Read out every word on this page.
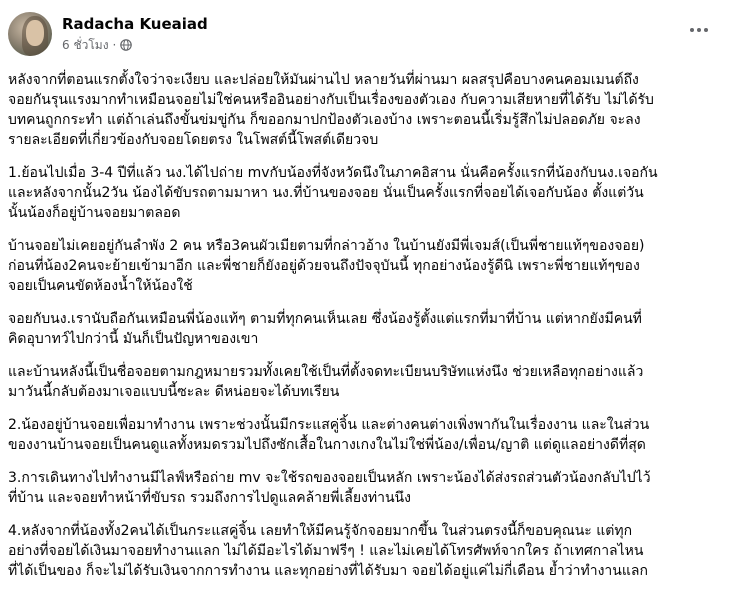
Radacha Kueaiad
6 ชั่วโมง ·

หลังจากที่ตอนแรกตั้งใจว่าจะเงียบ และปล่อยให้มันผ่านไป หลายวันที่ผ่านมา ผลสรุปคือบางคนคอมเมนต์ถึง
จอยกันรุนแรงมากทำเหมือนจอยไม่ใช่คนหรืออินอย่างกับเป็นเรื่องของตัวเอง กับความเสียหายที่ได้รับ ไม่ได้รับ
บทคนถูกกระทำ แต่ถ้าเล่นถึงขั้นข่มขู่กัน ก็ขออกมาปกป้องตัวเองบ้าง เพราะตอนนี้เริ่มรู้สึกไม่ปลอดภัย จะลง
รายละเอียดที่เกี่ยวข้องกับจอยโดยตรง ในโพสต์นี้โพสต์เดียวจบ

1.ย้อนไปเมื่อ 3-4 ปีที่แล้ว นง.ได้ไปถ่าย mvกับน้องที่จังหวัดนึงในภาคอิสาน นั่นคือครั้งแรกที่น้องกับนง.เจอกัน
และหลังจากนั้น2วัน น้องได้ขับรถตามมาหา นง.ที่บ้านของจอย นั่นเป็นครั้งแรกที่จอยได้เจอกับน้อง ตั้งแต่วัน
นั้นน้องก็อยู่บ้านจอยมาตลอด

บ้านจอยไม่เคยอยู่กันลำพัง 2 คน หรือ3คนผัวเมียตามที่กล่าวอ้าง ในบ้านยังมีพี่เจมส์(เป็นพี่ชายแท้ๆของจอย)
ก่อนที่น้อง2คนจะย้ายเข้ามาอีก และพี่ชายก็ยังอยู่ด้วยจนถึงปัจจุบันนี้ ทุกอย่างน้องรู้ดีนิ เพราะพี่ชายแท้ๆของ
จอยเป็นคนขัดห้องน้ำให้น้องใช้

จอยกับนง.เรานับถือกันเหมือนพี่น้องแท้ๆ ตามที่ทุกคนเห็นเลย ซึ่งน้องรู้ตั้งแต่แรกที่มาที่บ้าน แต่หากยังมีคนที่
คิดอุบาทว์ไปกว่านี้ มันก็เป็นปัญหาของเขา

และบ้านหลังนี้เป็นชื่อจอยตามกฎหมายรวมทั้งเคยใช้เป็นที่ตั้งจดทะเบียนบริษัทแห่งนึง ช่วยเหลือทุกอย่างแล้ว
มาวันนี้กลับต้องมาเจอแบบนี้ซะละ ดีหน่อยจะได้บทเรียน

2.น้องอยู่บ้านจอยเพื่อมาทำงาน เพราะช่วงนั้นมีกระแสคู่จิ้น และต่างคนต่างเพิ่งพากันในเรื่องงาน และในส่วน
ของงานบ้านจอยเป็นคนดูแลทั้งหมดรวมไปถึงซักเสื้อในกางเกงในไม่ใช่พี่น้อง/เพื่อน/ญาติ แต่ดูแลอย่างดีที่สุด

3.การเดินทางไปทำงานมีไลฟ์หรือถ่าย mv จะใช้รถของจอยเป็นหลัก เพราะน้องได้ส่งรถส่วนตัวน้องกลับไปไว้
ที่บ้าน และจอยทำหน้าที่ขับรถ รวมถึงการไปดูแลคล้ายพี่เลี้ยงท่านนึง

4.หลังจากที่น้องทั้ง2คนได้เป็นกระแสคู่จิ้น เลยทำให้มีคนรู้จักจอยมากขึ้น ในส่วนตรงนี้ก็ขอบคุณนะ แต่ทุก
อย่างที่จอยได้เงินมาจอยทำงานแลก ไม่ได้มีอะไรได้มาฟรีๆ ! และไม่เคยได้โทรศัพท์จากใคร ถ้าเทศกาลไหน
ที่ได้เป็นของ ก็จะไม่ได้รับเงินจากการทำงาน และทุกอย่างที่ได้รับมา จอยได้อยู่แค่ไม่กี่เดือน ย้ำว่าทำงานแลก
